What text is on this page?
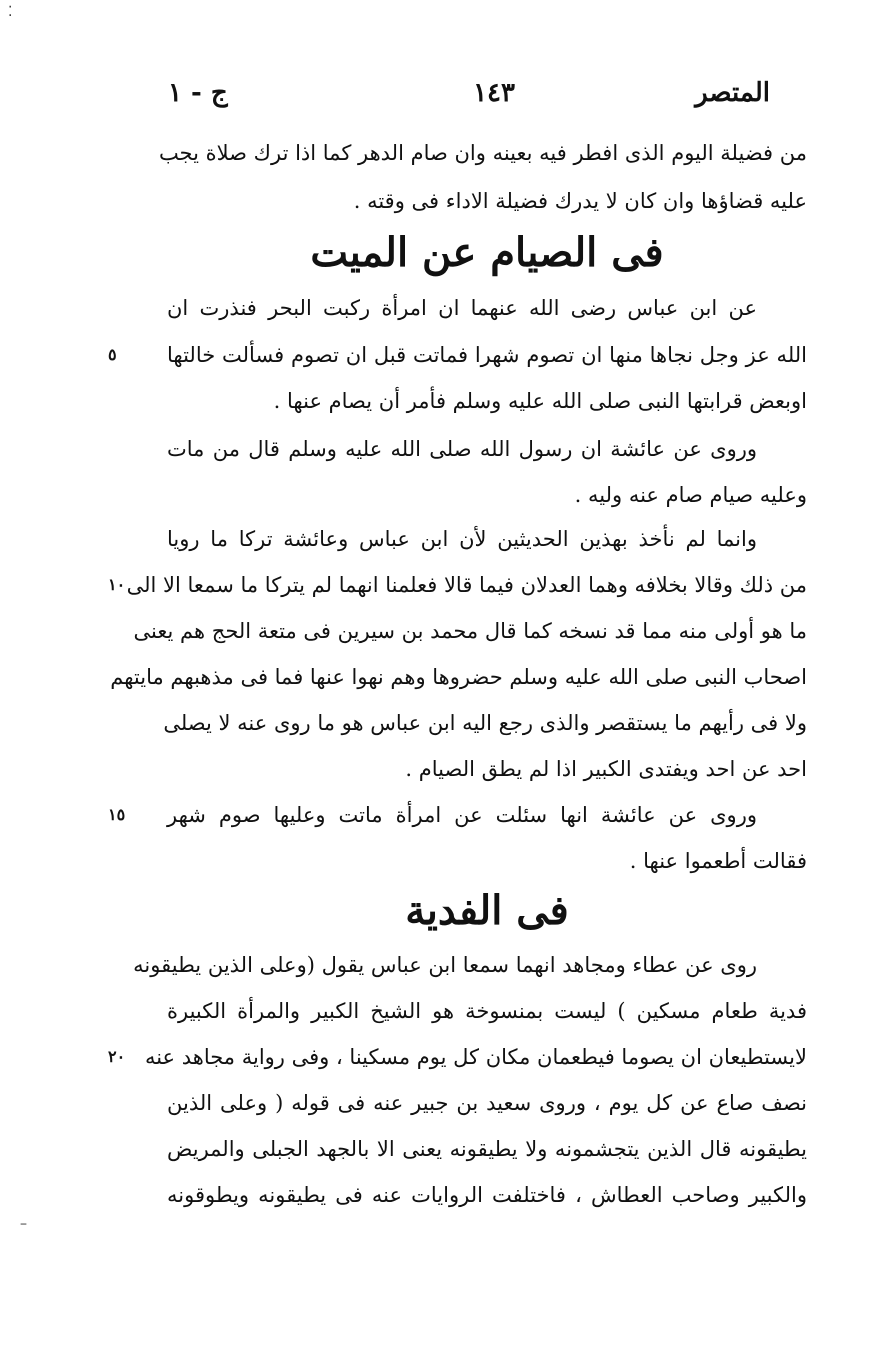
المتصر
١٤٣
ج - ١
من فضيلة اليوم الذى افطر فيه بعينه وان صام الدهر كما اذا ترك صلاة يجب
عليه قضاؤها وان كان لا يدرك فضيلة الاداء فى وقته .
فى الصيام عن الميت
عن ابن عباس رضى الله عنهما ان امرأة ركبت البحر فنذرت ان
الله عز وجل نجاها منها ان تصوم شهرا فماتت قبل ان تصوم فسألت خالتها
٥
اوبعض قرابتها النبى صلى الله عليه وسلم فأمر أن يصام عنها .
وروى عن عائشة ان رسول الله صلى الله عليه وسلم قال من مات
وعليه صيام صام عنه وليه .
وانما لم نأخذ بهذين الحديثين لأن ابن عباس وعائشة تركا ما رويا
من ذلك وقالا بخلافه وهما العدلان فيما قالا فعلمنا انهما لم يتركا ما سمعا الا الى
١٠
ما هو أولى منه مما قد نسخه كما قال محمد بن سيرين فى متعة الحج هم يعنى
اصحاب النبى صلى الله عليه وسلم حضروها وهم نهوا عنها فما فى مذهبهم مايتهم
ولا فى رأيهم ما يستقصر والذى رجع اليه ابن عباس هو ما روى عنه لا يصلى
احد عن احد ويفتدى الكبير اذا لم يطق الصيام .
وروى عن عائشة انها سئلت عن امرأة ماتت وعليها صوم شهر
١٥
فقالت أطعموا عنها .
فى الفدية
روى عن عطاء ومجاهد انهما سمعا ابن عباس يقول (وعلى الذين يطيقونه
فدية طعام مسكين ) ليست بمنسوخة هو الشيخ الكبير والمرأة الكبيرة
لايستطيعان ان يصوما فيطعمان مكان كل يوم مسكينا ، وفى رواية مجاهد عنه
٢٠
نصف صاع عن كل يوم ، وروى سعيد بن جبير عنه فى قوله ( وعلى الذين
يطيقونه قال الذين يتجشمونه ولا يطيقونه يعنى الا بالجهد الجبلى والمريض
والكبير وصاحب العطاش ، فاختلفت الروايات عنه فى يطيقونه ويطوقونه
⁚
–
